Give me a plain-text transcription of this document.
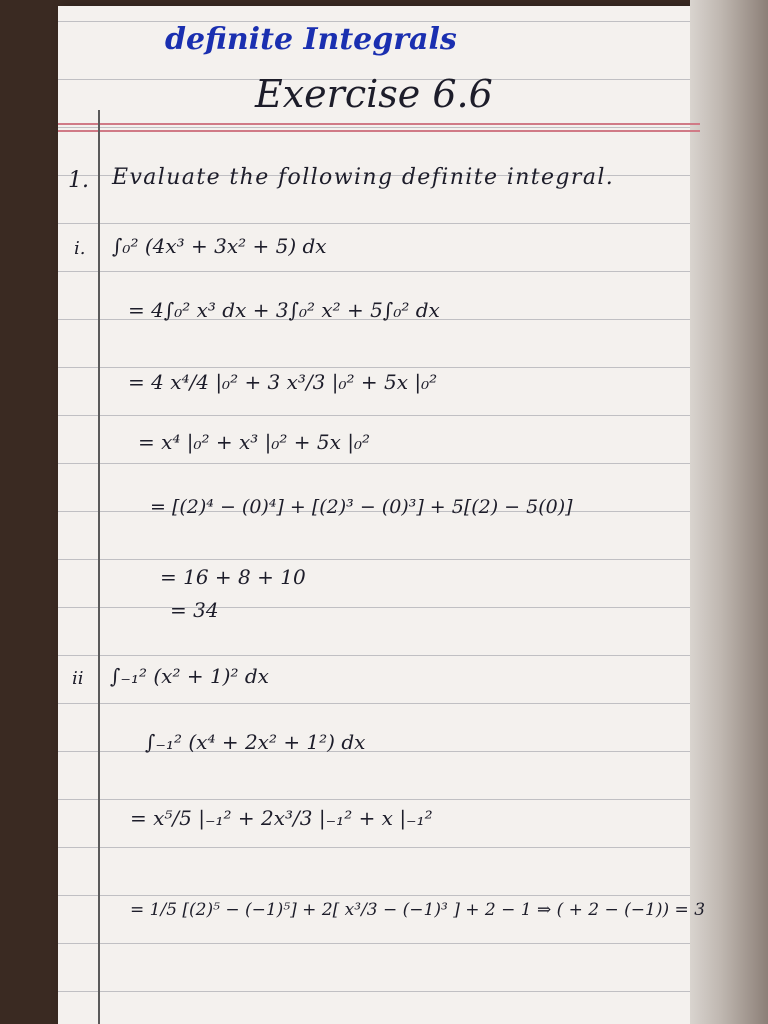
definite Integrals
Exercise 6.6
1. Evaluate the following definite integral.
i. ∫₀² (4x³ + 3x² + 5) dx
= 4∫₀² x³ dx + 3∫₀² x² + 5∫₀² dx
= 4 x⁴/4 |₀² + 3 x³/3 |₀² + 5x |₀²
= x⁴ |₀² + x³ |₀² + 5x |₀²
= [(2)⁴ − (0)⁴] + [(2)³ − (0)³] + 5[(2) − 5(0)]
= 16 + 8 + 10
= 34
ii ∫₋₁² (x² + 1)² dx
∫₋₁² (x⁴ + 2x² + 1²) dx
= x⁵/5 |₋₁² + 2x³/3 |₋₁² + x |₋₁²
= 1/5 [(2)⁵ − (−1)⁵] + 2[ x³/3 − (−1)³ ] + 2 − 1 ⇒ ( + 2 − (−1)) = 3
